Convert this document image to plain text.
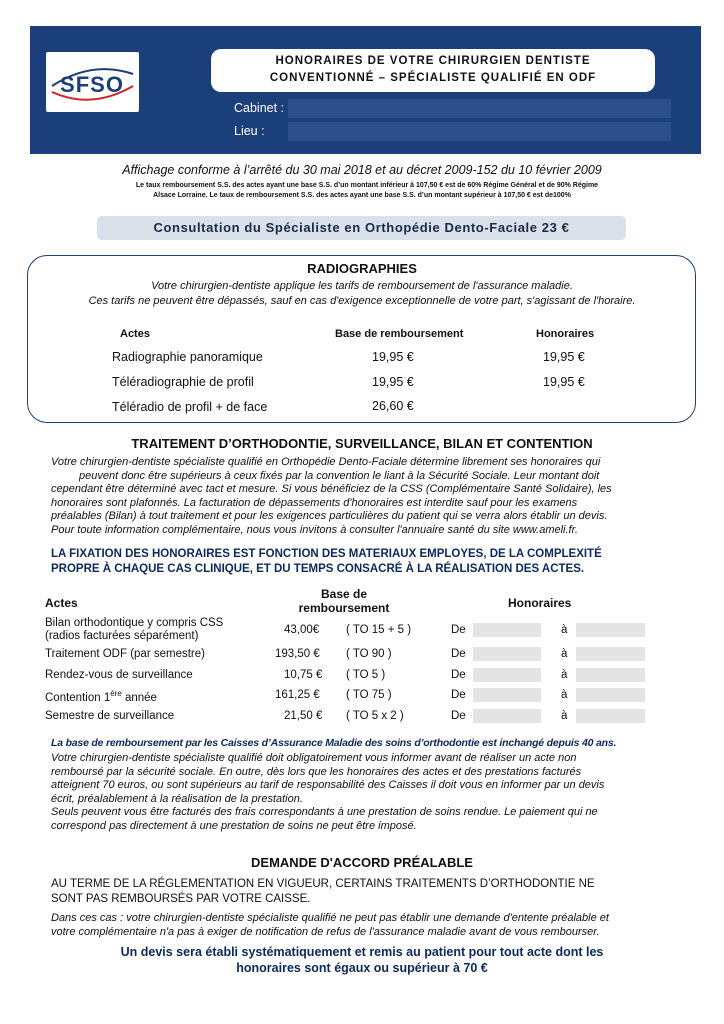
SFSO
HONORAIRES DE VOTRE CHIRURGIEN DENTISTE
CONVENTIONNÉ – SPÉCIALISTE QUALIFIÉ EN ODF
Cabinet :
Lieu :
Affichage conforme à l’arrêté du 30 mai 2018 et au décret 2009-152 du 10 février 2009
Le taux remboursement S.S. des actes ayant une base S.S. d’un montant inférieur à 107,50 € est de 60% Régime Général et de 90% Régime
Alsace Lorraine. Le taux de remboursement S.S. des actes ayant une base S.S. d’un montant supérieur à 107,50 € est de100%
Consultation du Spécialiste en Orthopédie Dento-Faciale 23 €
RADIOGRAPHIES
Votre chirurgien-dentiste applique les tarifs de remboursement de l'assurance maladie.
Ces tarifs ne peuvent être dépassés, sauf en cas d'exigence exceptionnelle de votre part, s'agissant de l'horaire.
Actes	Base de remboursement	Honoraires
Radiographie panoramique	19,95 €	19,95 €
Téléradiographie de profil	19,95 €	19,95 €
Téléradio de profil + de face	26,60 €
TRAITEMENT D’ORTHODONTIE, SURVEILLANCE, BILAN ET CONTENTION
Votre chirurgien-dentiste spécialiste qualifié en Orthopédie Dento-Faciale détermine librement ses honoraires qui
peuvent donc être supérieurs à ceux fixés par la convention le liant à la Sécurité Sociale. Leur montant doit
cependant être déterminé avec tact et mesure. Si vous bénéficiez de la CSS (Complémentaire Santé Solidaire), les
honoraires sont plafonnés. La facturation de dépassements d'honoraires est interdite sauf pour les examens
préalables (Bilan) à tout traitement et pour les exigences particulières du patient qui se verra alors établir un devis.
Pour toute information complémentaire, nous vous invitons à consulter l'annuaire santé du site www.ameli.fr.
LA FIXATION DES HONORAIRES EST FONCTION DES MATERIAUX EMPLOYES, DE LA COMPLEXITÉ
PROPRE À CHAQUE CAS CLINIQUE, ET DU TEMPS CONSACRÉ À LA RÉALISATION DES ACTES.
Actes
Base de
remboursement	Honoraires
Bilan orthodontique y compris CSS
(radios facturées séparément)	43,00€ ( TO 15 + 5 )	De	à
Traitement ODF (par semestre)	193,50 € ( TO 90 )	De	à
Rendez-vous de surveillance	10,75 € ( TO 5 )	De	à
Contention 1ère année	161,25 € ( TO 75 )	De	à
Semestre de surveillance	21,50 € ( TO 5 x 2 )	De	à
La base de remboursement par les Caisses d’Assurance Maladie des soins d’orthodontie est inchangé depuis 40 ans.
Votre chirurgien-dentiste spécialiste qualifié doit obligatoirement vous informer avant de réaliser un acte non
remboursé par la sécurité sociale. En outre, dès lors que les honoraires des actes et des prestations facturés
atteignent 70 euros, ou sont supérieurs au tarif de responsabilité des Caisses il doit vous en informer par un devis
écrit, préalablement à la réalisation de la prestation.
Seuls peuvent vous être facturés des frais correspondants à une prestation de soins rendue. Le paiement qui ne
correspond pas directement à une prestation de soins ne peut être imposé.
DEMANDE D'ACCORD PRÉALABLE
AU TERME DE LA RÉGLEMENTATION EN VIGUEUR, CERTAINS TRAITEMENTS D’ORTHODONTIE NE
SONT PAS REMBOURSÉS PAR VOTRE CAISSE.
Dans ces cas : votre chirurgien-dentiste spécialiste qualifié ne peut pas établir une demande d'entente préalable et
votre complémentaire n'a pas à exiger de notification de refus de l'assurance maladie avant de vous rembourser.
Un devis sera établi systématiquement et remis au patient pour tout acte dont les
honoraires sont égaux ou supérieur à 70 €
